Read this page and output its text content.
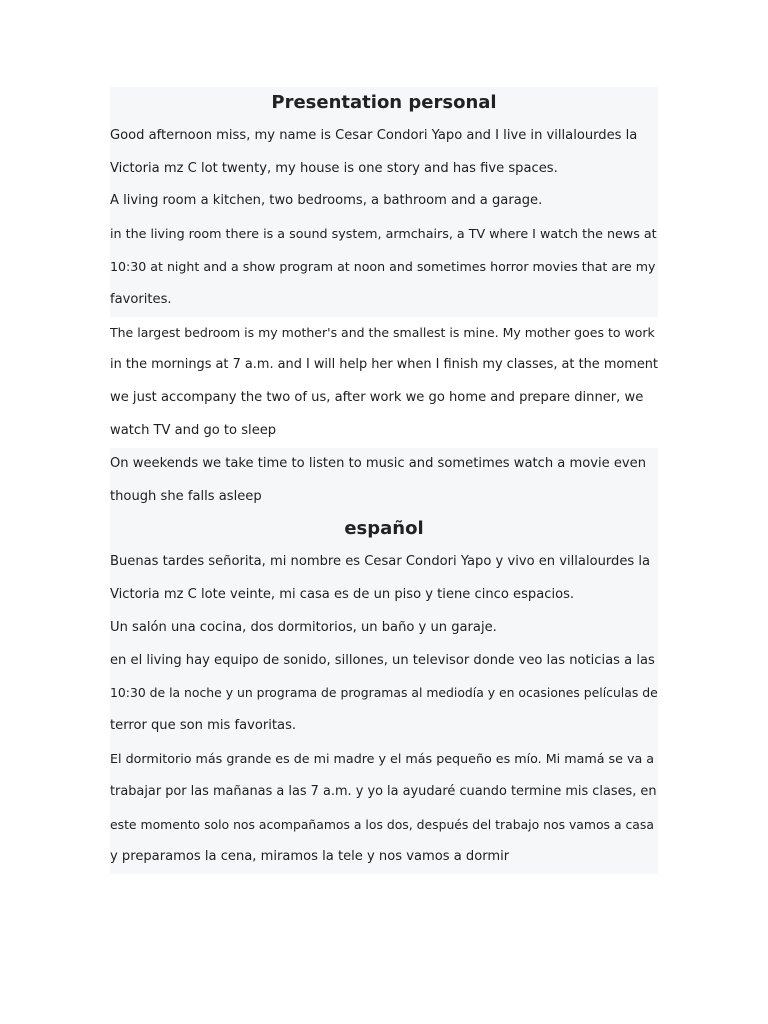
Presentation personal
Good afternoon miss, my name is Cesar Condori Yapo and I live in villalourdes la
Victoria mz C lot twenty, my house is one story and has five spaces.
A living room a kitchen, two bedrooms, a bathroom and a garage.
in the living room there is a sound system, armchairs, a TV where I watch the news at
10:30 at night and a show program at noon and sometimes horror movies that are my
favorites.
The largest bedroom is my mother's and the smallest is mine. My mother goes to work
in the mornings at 7 a.m. and I will help her when I finish my classes, at the moment
we just accompany the two of us, after work we go home and prepare dinner, we
watch TV and go to sleep
On weekends we take time to listen to music and sometimes watch a movie even
though she falls asleep
español
Buenas tardes señorita, mi nombre es Cesar Condori Yapo y vivo en villalourdes la
Victoria mz C lote veinte, mi casa es de un piso y tiene cinco espacios.
Un salón una cocina, dos dormitorios, un baño y un garaje.
en el living hay equipo de sonido, sillones, un televisor donde veo las noticias a las
10:30 de la noche y un programa de programas al mediodía y en ocasiones películas de
terror que son mis favoritas.
El dormitorio más grande es de mi madre y el más pequeño es mío. Mi mamá se va a
trabajar por las mañanas a las 7 a.m. y yo la ayudaré cuando termine mis clases, en
este momento solo nos acompañamos a los dos, después del trabajo nos vamos a casa
y preparamos la cena, miramos la tele y nos vamos a dormir
